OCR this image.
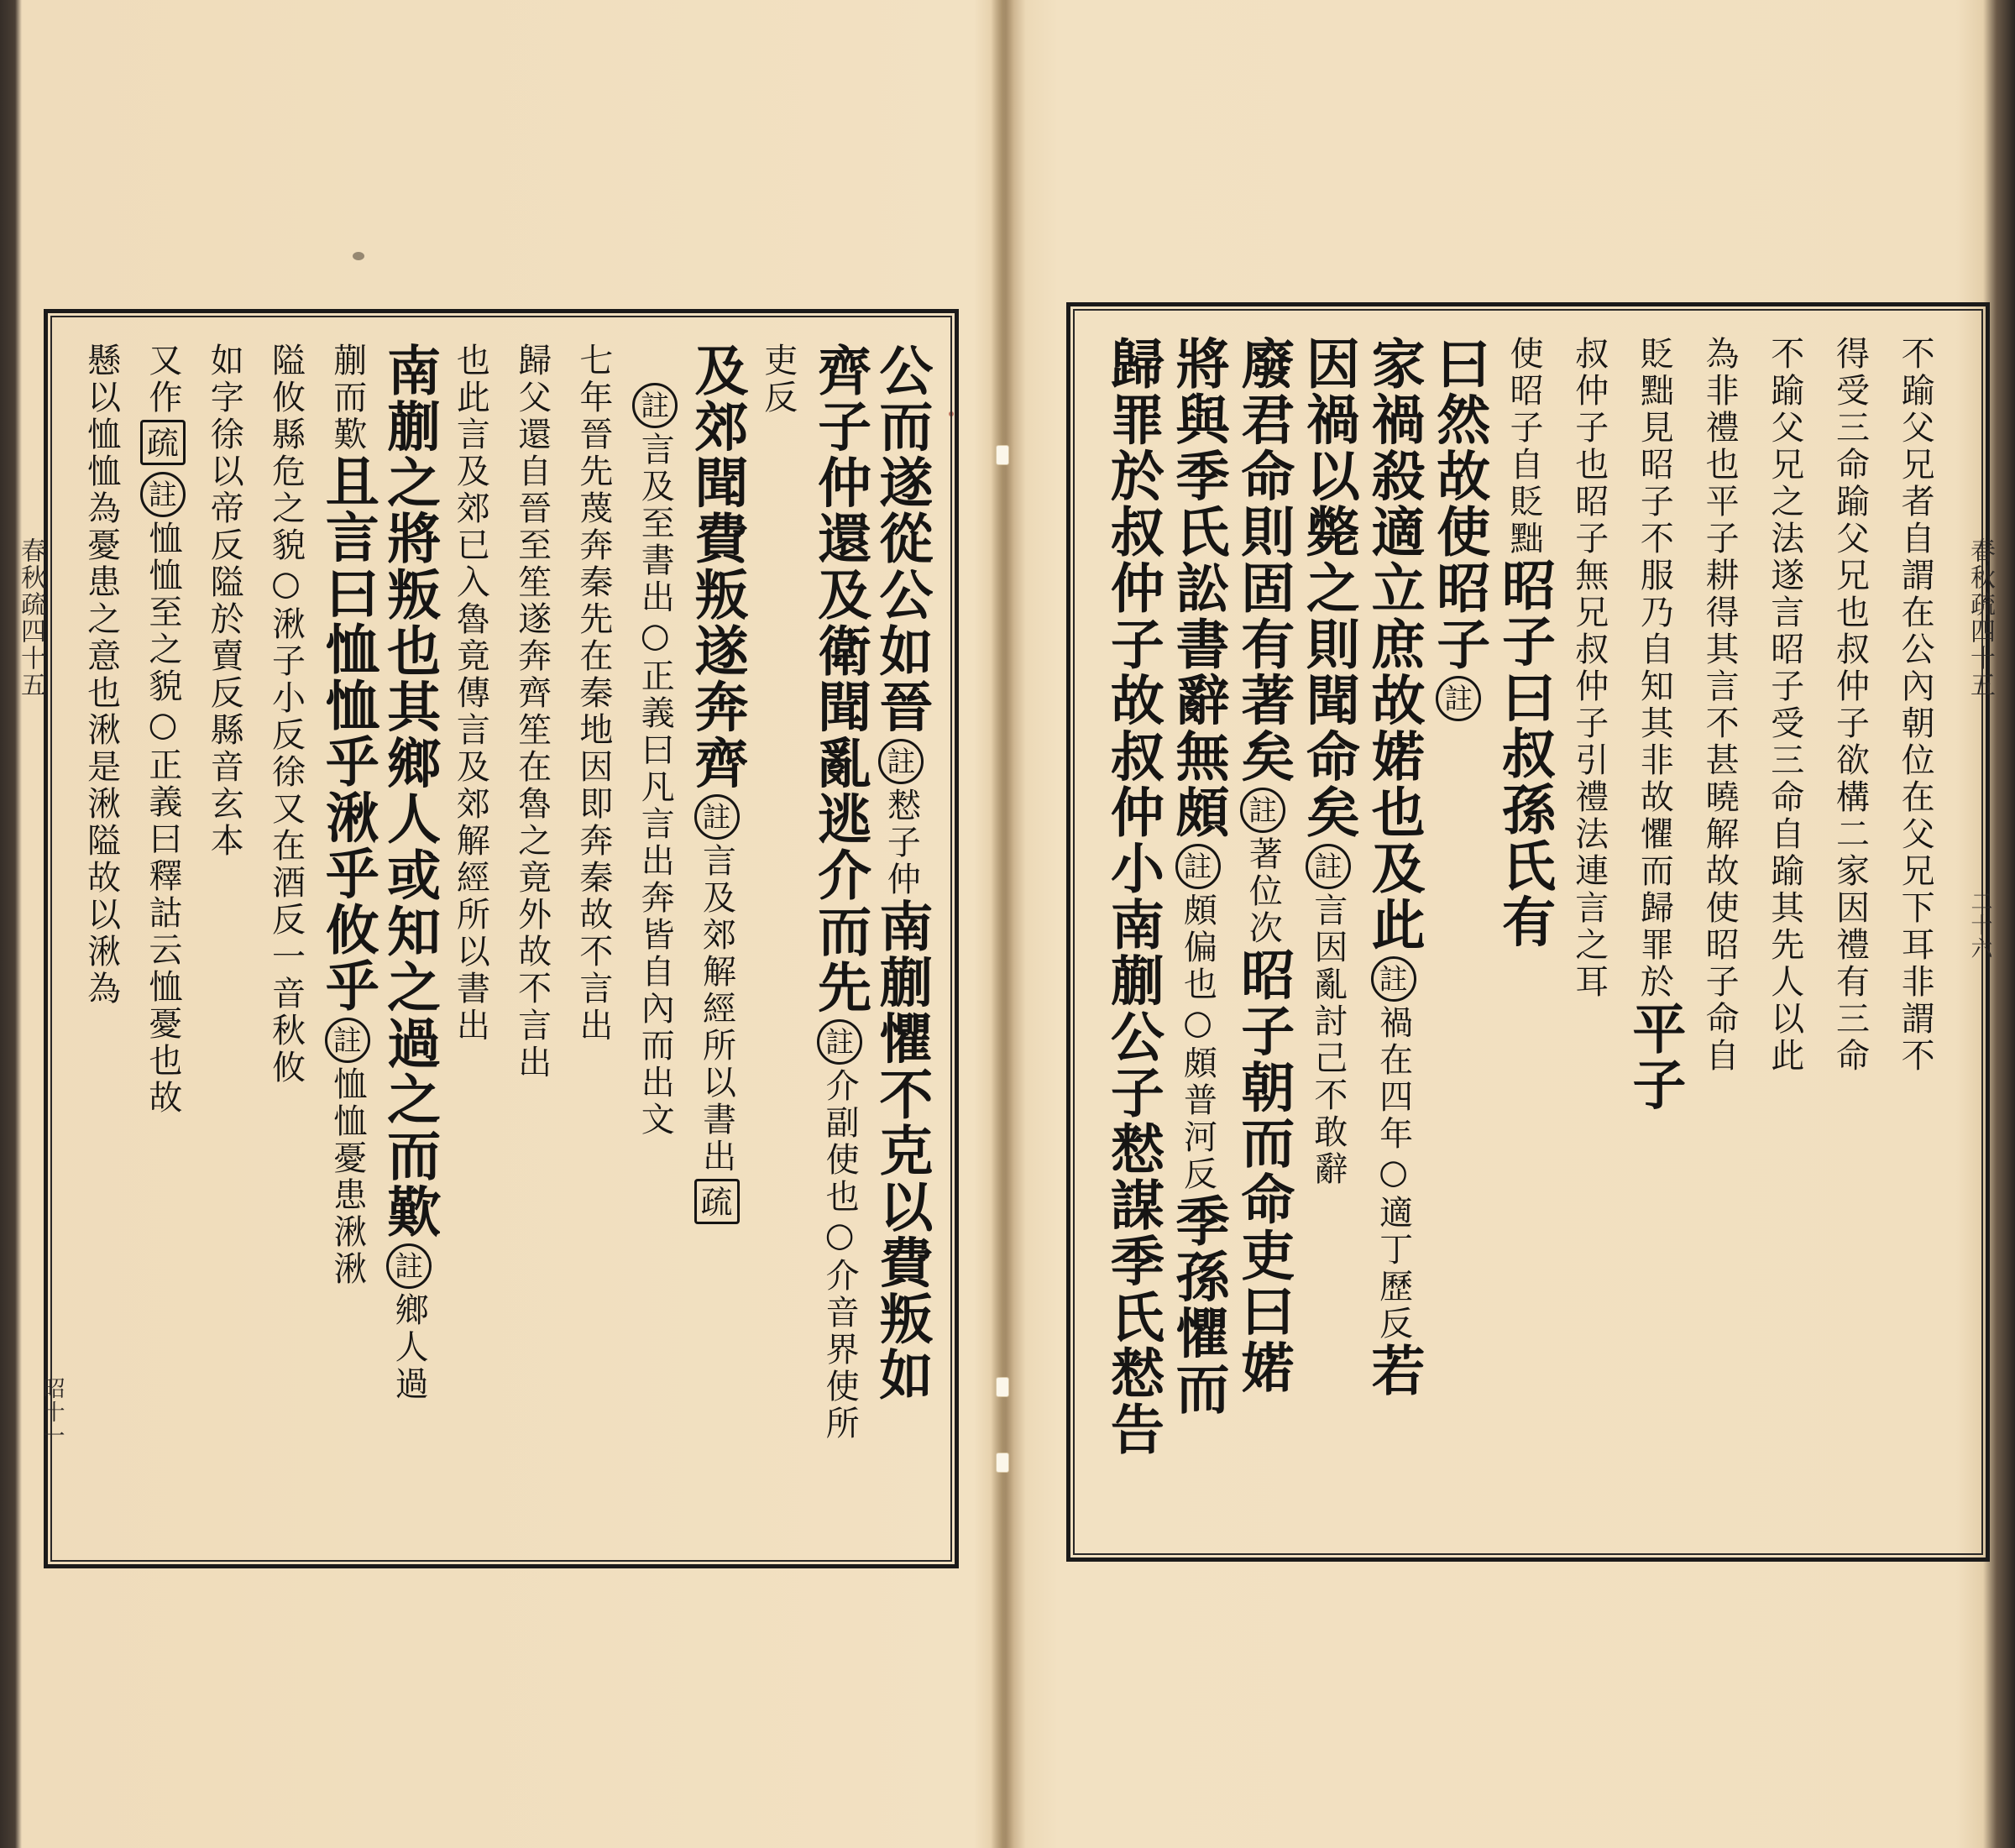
春秋疏四十五
昭十一
公而遂從公如晉
註
慭子仲
南蒯懼不克以費叛如
齊子仲還及衛聞亂逃介而先
註
介副使也○介音界使所
吏反
及郊聞費叛遂奔齊
註
言及郊解經所以書出
疏
註
言及至書出○正義曰凡言出奔皆自內而出文
七年晉先蔑奔秦先在秦地因即奔秦故不言出
歸父還自晉至笙遂奔齊笙在魯之竟外故不言出
也此言及郊已入魯竟傳言及郊解經所以書出
南蒯之將叛也其鄉人或知之過之而歎
註
鄉人過
蒯而歎
且言曰恤恤乎湫乎攸乎
註
恤恤憂患湫湫
隘攸縣危之貌○湫子小反徐又在酒反一音秋攸
如字徐以帝反隘於賣反縣音玄本
又作
疏
註
恤恤至之貌○正義曰釋詁云恤憂也故
懸
以恤恤為憂患之意也湫是湫隘故以湫為	春秋疏四十五
二十六
不踰父兄者自謂在公內朝位在父兄下耳非謂不
得受三命踰父兄也叔仲子欲構二家因禮有三命
不踰父兄之法遂言昭子受三命自踰其先人以此
為非禮也平子耕得其言不甚曉解故使昭子命自
貶黜見昭子不服乃自知其非故懼而歸罪於
平子
叔仲子也昭子無兄叔仲子引禮法連言之耳
使昭子自貶黜
昭子曰叔孫氏有
曰然故使昭子
註
家禍殺適立庶故婼也及此
註
禍在四年○適丁歷反
若
因禍以斃之則聞命矣
註
言因亂討己不敢辭
廢君命則固有著矣
註
著位次
昭子朝而命吏曰婼
將與季氏訟書辭無頗
註
頗偏也○頗普河反
季孫懼而
歸罪於叔仲子故叔仲小南蒯公子慭謀季氏慭告
